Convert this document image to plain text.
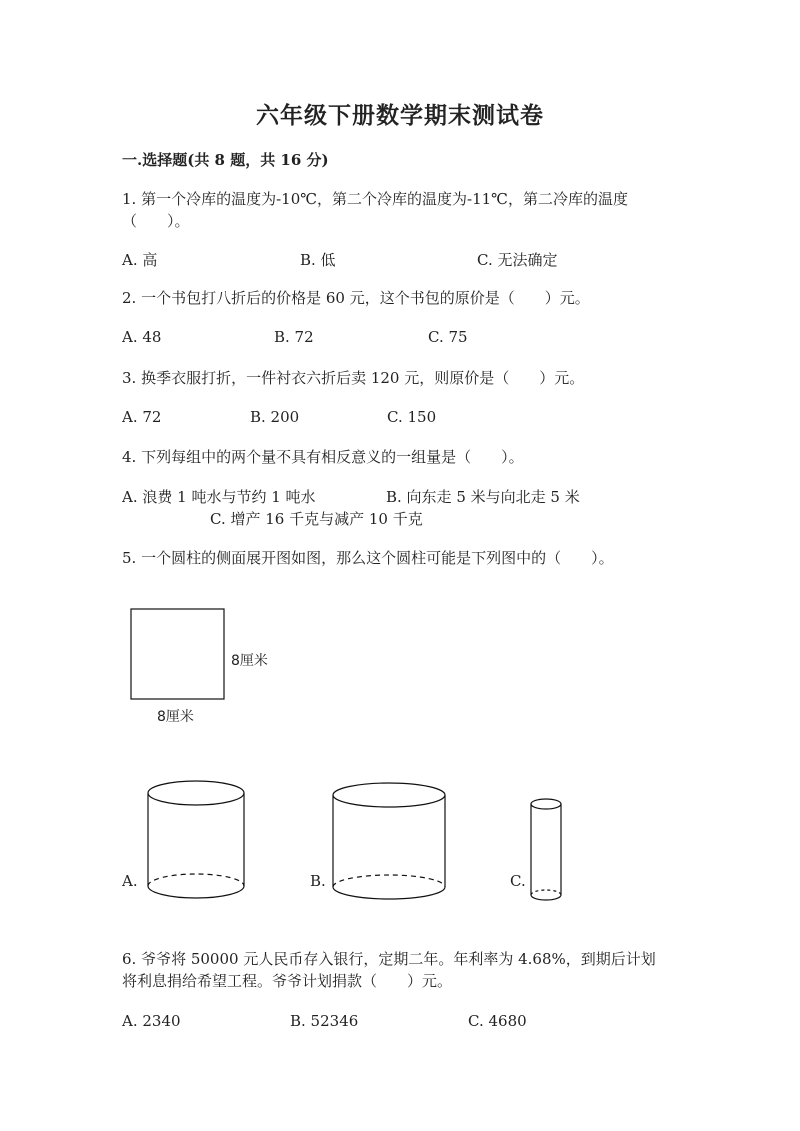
六年级下册数学期末测试卷
一.选择题(共 8 题，共 16 分)
1. 第一个冷库的温度为-10℃，第二个冷库的温度为-11℃，第二冷库的温度
（　　）。
A. 高	B. 低	C. 无法确定
2. 一个书包打八折后的价格是 60 元，这个书包的原价是（　　）元。
A. 48	B. 72	C. 75
3. 换季衣服打折，一件衬衣六折后卖 120 元，则原价是（　　）元。
A. 72	B. 200	C. 150
4. 下列每组中的两个量不具有相反意义的一组量是（　　）。
A. 浪费 1 吨水与节约 1 吨水	B. 向东走 5 米与向北走 5 米
C. 增产 16 千克与减产 10 千克
5. 一个圆柱的侧面展开图如图，那么这个圆柱可能是下列图中的（　　）。
8厘米
8厘米
A.	B.	C.
6. 爷爷将 50000 元人民币存入银行，定期二年。年利率为 4.68%，到期后计划
将利息捐给希望工程。爷爷计划捐款（　　）元。
A. 2340	B. 52346	C. 4680
